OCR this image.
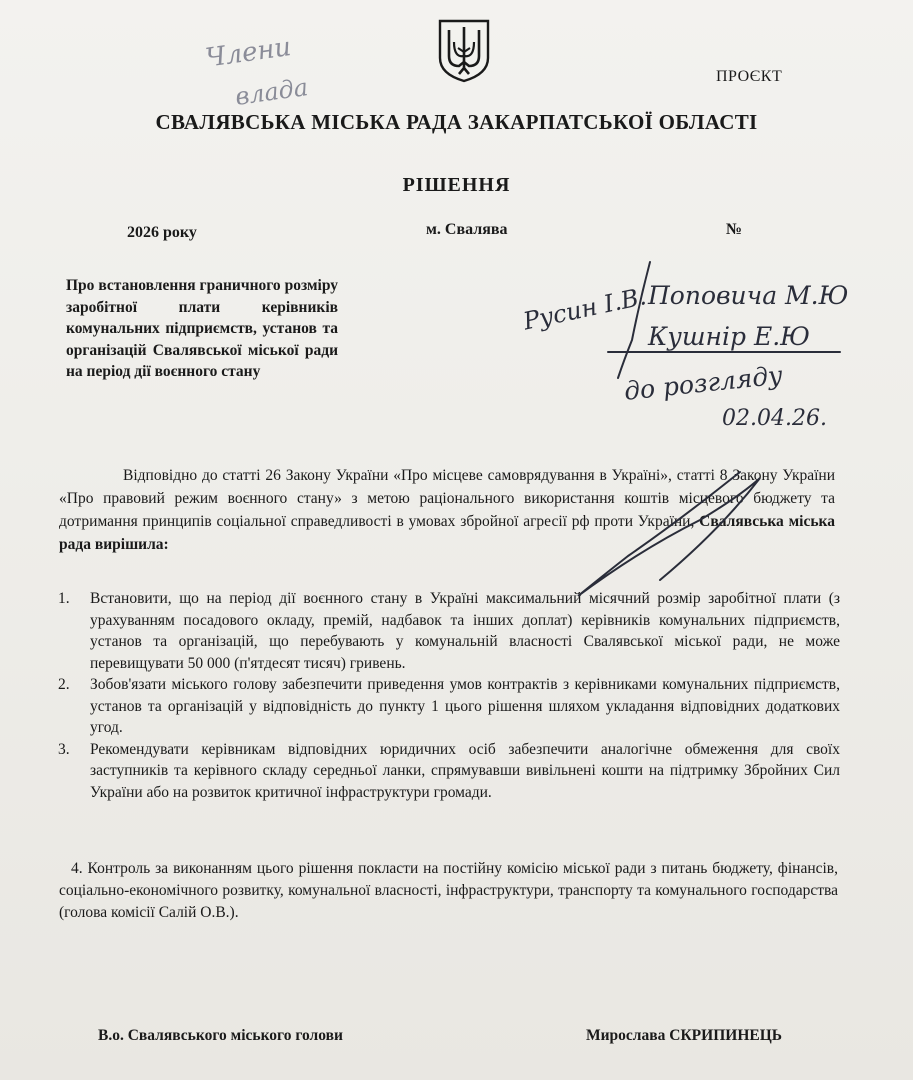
ПРОЄКТ
СВАЛЯВСЬКА МІСЬКА РАДА ЗАКАРПАТСЬКОЇ ОБЛАСТІ
РІШЕННЯ
2026 року	м. Свалява	№
Про встановлення граничного розміру заробітної плати керівників комунальних підприємств, установ та організацій Свалявської міської ради на період дії воєнного стану
Відповідно до статті 26 Закону України «Про місцеве самоврядування в Україні», статті 8 Закону України «Про правовий режим воєнного стану» з метою раціонального використання коштів місцевого бюджету та дотримання принципів соціальної справедливості в умовах збройної агресії рф проти України, Свалявська міська рада вирішила:
1. Встановити, що на період дії воєнного стану в Україні максимальний місячний розмір заробітної плати (з урахуванням посадового окладу, премій, надбавок та інших доплат) керівників комунальних підприємств, установ та організацій, що перебувають у комунальній власності Свалявської міської ради, не може перевищувати 50 000 (п'ятдесят тисяч) гривень.
2. Зобов'язати міського голову забезпечити приведення умов контрактів з керівниками комунальних підприємств, установ та організацій у відповідність до пункту 1 цього рішення шляхом укладання відповідних додаткових угод.
3. Рекомендувати керівникам відповідних юридичних осіб забезпечити аналогічне обмеження для своїх заступників та керівного складу середньої ланки, спрямувавши вивільнені кошти на підтримку Збройних Сил України або на розвиток критичної інфраструктури громади.
4. Контроль за виконанням цього рішення покласти на постійну комісію міської ради з питань бюджету, фінансів, соціально-економічного розвитку, комунальної власності, інфраструктури, транспорту та комунального господарства (голова комісії Салій О.В.).
В.о. Свалявського міського голови	Мирослава СКРИПИНЕЦЬ
Члени
влада
Русин І.В. Поповича М.Ю
Кушнір Е.Ю
до розгляду
02.04.26.
